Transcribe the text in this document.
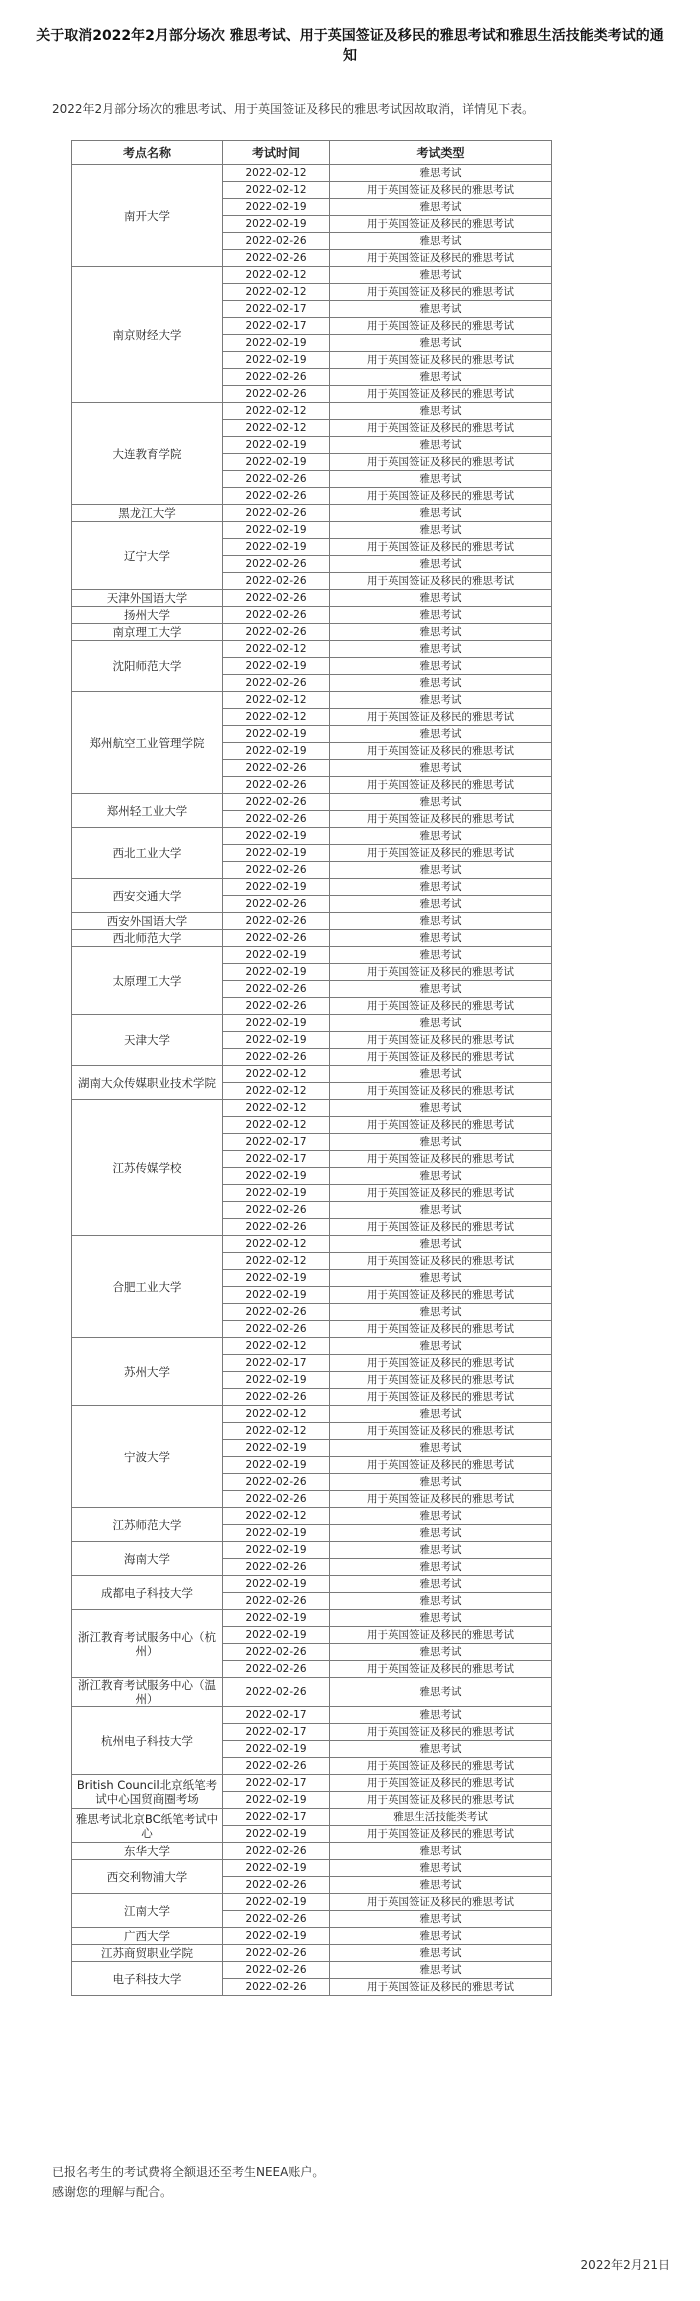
关于取消2022年2月部分场次 雅思考试、用于英国签证及移民的雅思考试和雅思生活技能类考试的通知
2022年2月部分场次的雅思考试、用于英国签证及移民的雅思考试因故取消，详情见下表。
考点名称	考试时间	考试类型
南开大学	2022-02-12	雅思考试
	2022-02-12	用于英国签证及移民的雅思考试
	2022-02-19	雅思考试
	2022-02-19	用于英国签证及移民的雅思考试
	2022-02-26	雅思考试
	2022-02-26	用于英国签证及移民的雅思考试
南京财经大学	2022-02-12	雅思考试
	2022-02-12	用于英国签证及移民的雅思考试
	2022-02-17	雅思考试
	2022-02-17	用于英国签证及移民的雅思考试
	2022-02-19	雅思考试
	2022-02-19	用于英国签证及移民的雅思考试
	2022-02-26	雅思考试
	2022-02-26	用于英国签证及移民的雅思考试
大连教育学院	2022-02-12	雅思考试
	2022-02-12	用于英国签证及移民的雅思考试
	2022-02-19	雅思考试
	2022-02-19	用于英国签证及移民的雅思考试
	2022-02-26	雅思考试
	2022-02-26	用于英国签证及移民的雅思考试
黑龙江大学	2022-02-26	雅思考试
辽宁大学	2022-02-19	雅思考试
	2022-02-19	用于英国签证及移民的雅思考试
	2022-02-26	雅思考试
	2022-02-26	用于英国签证及移民的雅思考试
天津外国语大学	2022-02-26	雅思考试
扬州大学	2022-02-26	雅思考试
南京理工大学	2022-02-26	雅思考试
沈阳师范大学	2022-02-12	雅思考试
	2022-02-19	雅思考试
	2022-02-26	雅思考试
郑州航空工业管理学院	2022-02-12	雅思考试
	2022-02-12	用于英国签证及移民的雅思考试
	2022-02-19	雅思考试
	2022-02-19	用于英国签证及移民的雅思考试
	2022-02-26	雅思考试
	2022-02-26	用于英国签证及移民的雅思考试
郑州轻工业大学	2022-02-26	雅思考试
	2022-02-26	用于英国签证及移民的雅思考试
西北工业大学	2022-02-19	雅思考试
	2022-02-19	用于英国签证及移民的雅思考试
	2022-02-26	雅思考试
西安交通大学	2022-02-19	雅思考试
	2022-02-26	雅思考试
西安外国语大学	2022-02-26	雅思考试
西北师范大学	2022-02-26	雅思考试
太原理工大学	2022-02-19	雅思考试
	2022-02-19	用于英国签证及移民的雅思考试
	2022-02-26	雅思考试
	2022-02-26	用于英国签证及移民的雅思考试
天津大学	2022-02-19	雅思考试
	2022-02-19	用于英国签证及移民的雅思考试
	2022-02-26	用于英国签证及移民的雅思考试
湖南大众传媒职业技术学院	2022-02-12	雅思考试
	2022-02-12	用于英国签证及移民的雅思考试
江苏传媒学校	2022-02-12	雅思考试
	2022-02-12	用于英国签证及移民的雅思考试
	2022-02-17	雅思考试
	2022-02-17	用于英国签证及移民的雅思考试
	2022-02-19	雅思考试
	2022-02-19	用于英国签证及移民的雅思考试
	2022-02-26	雅思考试
	2022-02-26	用于英国签证及移民的雅思考试
合肥工业大学	2022-02-12	雅思考试
	2022-02-12	用于英国签证及移民的雅思考试
	2022-02-19	雅思考试
	2022-02-19	用于英国签证及移民的雅思考试
	2022-02-26	雅思考试
	2022-02-26	用于英国签证及移民的雅思考试
苏州大学	2022-02-12	雅思考试
	2022-02-17	用于英国签证及移民的雅思考试
	2022-02-19	用于英国签证及移民的雅思考试
	2022-02-26	用于英国签证及移民的雅思考试
宁波大学	2022-02-12	雅思考试
	2022-02-12	用于英国签证及移民的雅思考试
	2022-02-19	雅思考试
	2022-02-19	用于英国签证及移民的雅思考试
	2022-02-26	雅思考试
	2022-02-26	用于英国签证及移民的雅思考试
江苏师范大学	2022-02-12	雅思考试
	2022-02-19	雅思考试
海南大学	2022-02-19	雅思考试
	2022-02-26	雅思考试
成都电子科技大学	2022-02-19	雅思考试
	2022-02-26	雅思考试
浙江教育考试服务中心（杭州）	2022-02-19	雅思考试
	2022-02-19	用于英国签证及移民的雅思考试
	2022-02-26	雅思考试
	2022-02-26	用于英国签证及移民的雅思考试
浙江教育考试服务中心（温州）	2022-02-26	雅思考试
杭州电子科技大学	2022-02-17	雅思考试
	2022-02-17	用于英国签证及移民的雅思考试
	2022-02-19	雅思考试
	2022-02-26	用于英国签证及移民的雅思考试
British Council北京纸笔考试中心国贸商圈考场	2022-02-17	用于英国签证及移民的雅思考试
	2022-02-19	用于英国签证及移民的雅思考试
雅思考试北京BC纸笔考试中心	2022-02-17	雅思生活技能类考试
	2022-02-19	用于英国签证及移民的雅思考试
东华大学	2022-02-26	雅思考试
西交利物浦大学	2022-02-19	雅思考试
	2022-02-26	雅思考试
江南大学	2022-02-19	用于英国签证及移民的雅思考试
	2022-02-26	雅思考试
广西大学	2022-02-19	雅思考试
江苏商贸职业学院	2022-02-26	雅思考试
电子科技大学	2022-02-26	雅思考试
	2022-02-26	用于英国签证及移民的雅思考试
已报名考生的考试费将全额退还至考生NEEA账户。
感谢您的理解与配合。
2022年2月21日
